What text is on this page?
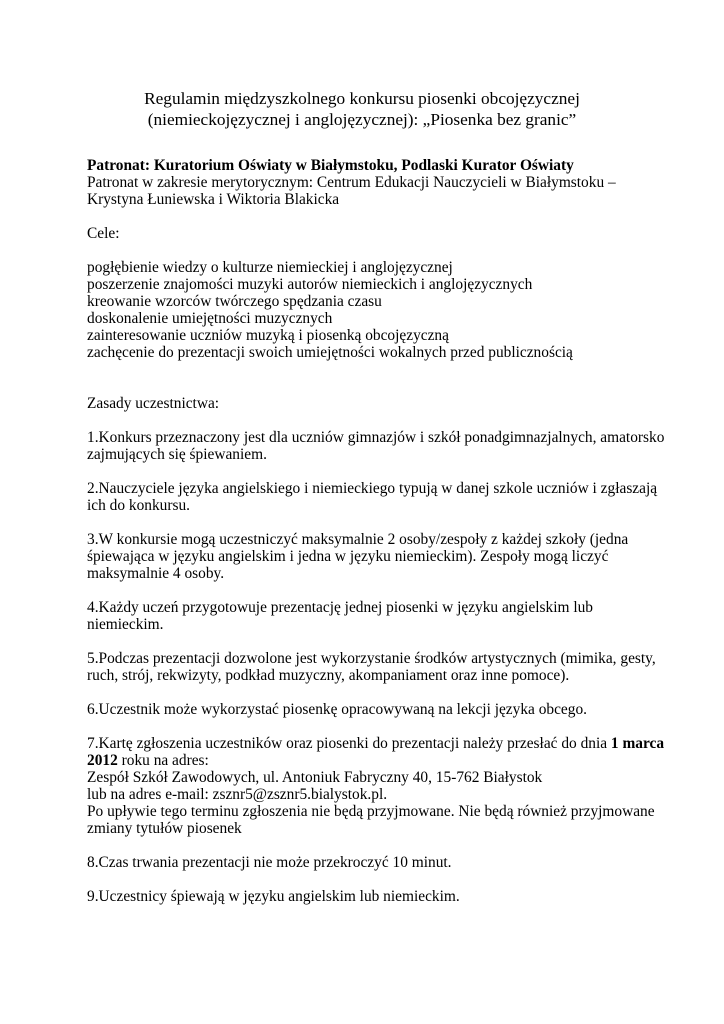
Regulamin międzyszkolnego konkursu piosenki obcojęzycznej
(niemieckojęzycznej i anglojęzycznej): „Piosenka bez granic”
Patronat: Kuratorium Oświaty w Białymstoku, Podlaski Kurator Oświaty
Patronat w zakresie merytorycznym: Centrum Edukacji Nauczycieli w Białymstoku –
Krystyna Łuniewska i Wiktoria Blakicka
Cele:
pogłębienie wiedzy o kulturze niemieckiej i anglojęzycznej
poszerzenie znajomości muzyki autorów niemieckich i anglojęzycznych
kreowanie wzorców twórczego spędzania czasu
doskonalenie umiejętności muzycznych
zainteresowanie uczniów muzyką i piosenką obcojęzyczną
zachęcenie do prezentacji swoich umiejętności wokalnych przed publicznością
Zasady uczestnictwa:
1.Konkurs przeznaczony jest dla uczniów gimnazjów i szkół ponadgimnazjalnych, amatorsko
zajmujących się śpiewaniem.
2.Nauczyciele języka angielskiego i niemieckiego typują w danej szkole uczniów i zgłaszają
ich do konkursu.
3.W konkursie mogą uczestniczyć maksymalnie 2 osoby/zespoły z każdej szkoły (jedna
śpiewająca w języku angielskim i jedna w języku niemieckim). Zespoły mogą liczyć
maksymalnie 4 osoby.
4.Każdy uczeń przygotowuje prezentację jednej piosenki w języku angielskim lub
niemieckim.
5.Podczas prezentacji dozwolone jest wykorzystanie środków artystycznych (mimika, gesty,
ruch, strój, rekwizyty, podkład muzyczny, akompaniament oraz inne pomoce).
6.Uczestnik może wykorzystać piosenkę opracowywaną na lekcji języka obcego.
7.Kartę zgłoszenia uczestników oraz piosenki do prezentacji należy przesłać do dnia 1 marca
2012 roku na adres:
Zespół Szkół Zawodowych, ul. Antoniuk Fabryczny 40, 15-762 Białystok
lub na adres e-mail: zsznr5@zsznr5.bialystok.pl.
Po upływie tego terminu zgłoszenia nie będą przyjmowane. Nie będą również przyjmowane
zmiany tytułów piosenek
8.Czas trwania prezentacji nie może przekroczyć 10 minut.
9.Uczestnicy śpiewają w języku angielskim lub niemieckim.
